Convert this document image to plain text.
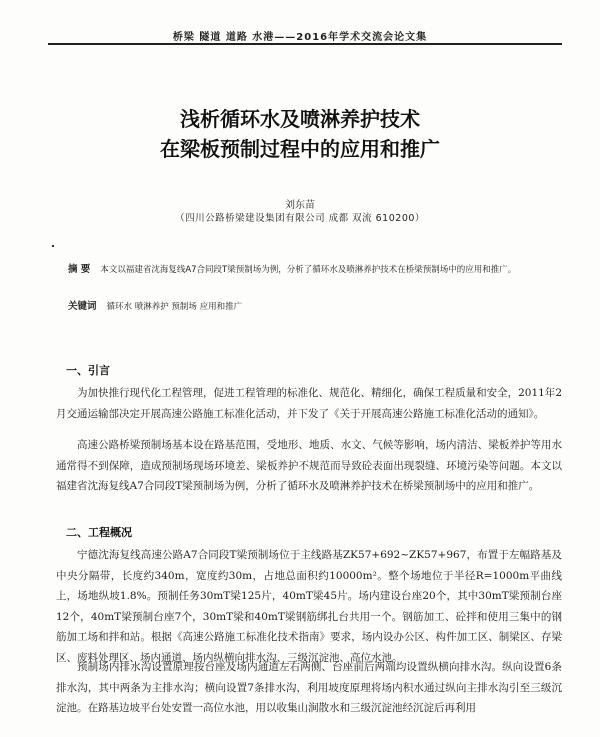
桥梁 隧道 道路 水港——2016年学术交流会论文集
浅析循环水及喷淋养护技术
在梁板预制过程中的应用和推广
刘东苗
（四川公路桥梁建设集团有限公司 成都 双流 610200）
摘 要 本文以福建省沈海复线A7合同段T梁预制场为例，分析了循环水及喷淋养护技术在桥梁预制场中的应用和推广。
关键词 循环水 喷淋养护 预制场 应用和推广
一、引言
为加快推行现代化工程管理，促进工程管理的标准化、规范化、精细化，确保工程质量和安全，2011年2月交通运输部决定开展高速公路施工标准化活动，并下发了《关于开展高速公路施工标准化活动的通知》。
高速公路桥梁预制场基本设在路基范围，受地形、地质、水文、气候等影响，场内清洁、梁板养护等用水通常得不到保障，造成预制场现场环境差、梁板养护不规范而导致砼表面出现裂缝、环境污染等问题。本文以福建省沈海复线A7合同段T梁预制场为例，分析了循环水及喷淋养护技术在桥梁预制场中的应用和推广。
二、工程概况
宁德沈海复线高速公路A7合同段T梁预制场位于主线路基ZK57+692~ZK57+967，布置于左幅路基及中央分隔带，长度约340m，宽度约30m，占地总面积约10000m²。整个场地位于半径R=1000m平曲线上，场地纵坡1.8%。预制任务30mT梁125片，40mT梁45片。场内建设台座20个，其中30mT梁预制台座12个，40mT梁预制台座7个，30mT梁和40mT梁钢筋绑扎台共用一个。钢筋加工、砼拌和使用三集中的钢筋加工场和拌和站。根据《高速公路施工标准化技术指南》要求，场内设办公区、构件加工区、制梁区、存梁区、废料处理区、场内通道、场内纵横向排水沟、三级沉淀池、高位水池。
预制场内排水沟设置原理按台座及场内通道左右两侧、台座前后两端均设置纵横向排水沟。纵向设置6条排水沟，其中两条为主排水沟；横向设置7条排水沟，利用坡度原理将场内积水通过纵向主排水沟引至三级沉淀池。在路基边坡平台处安置一高位水池，用以收集山涧散水和三级沉淀池经沉淀后再利用
